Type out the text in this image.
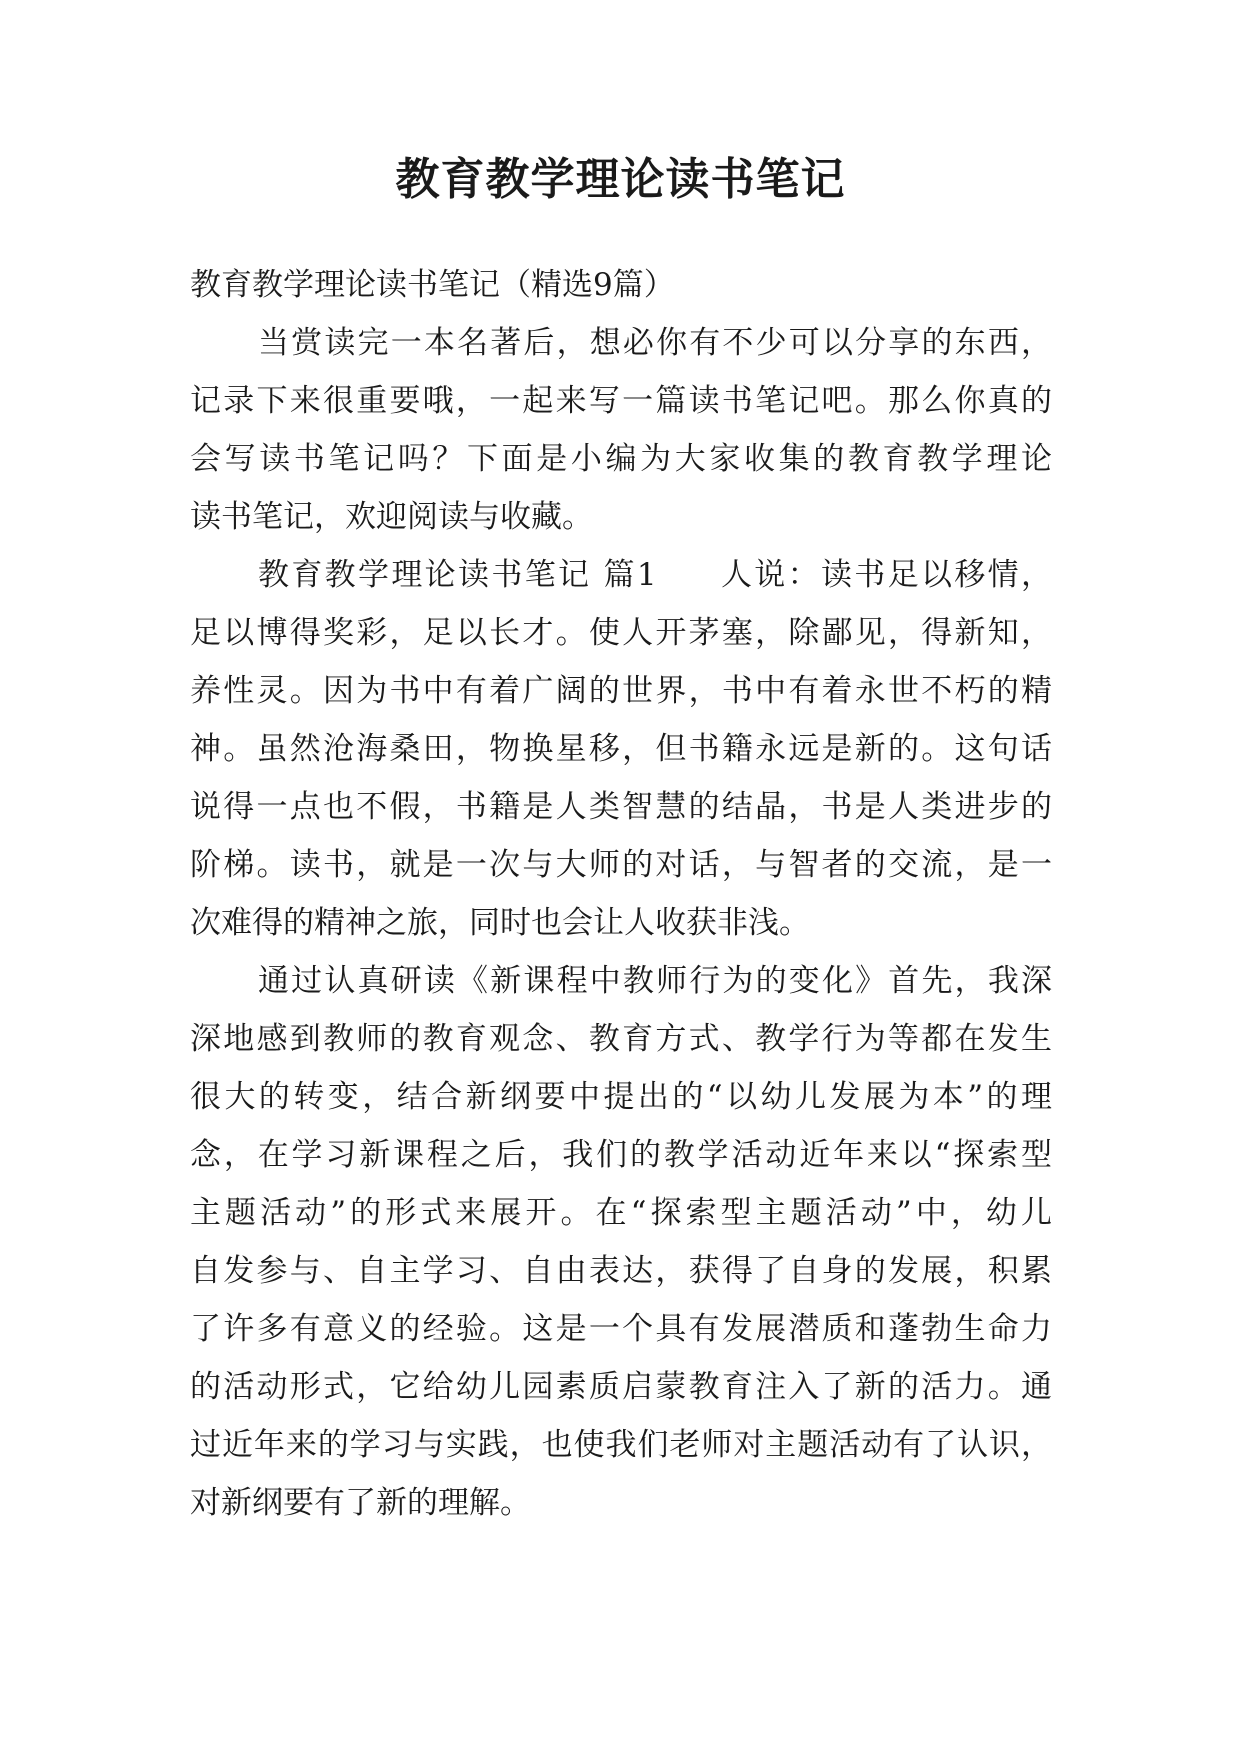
教育教学理论读书笔记
教育教学理论读书笔记（精选9篇）
当赏读完一本名著后，想必你有不少可以分享的东西，
记录下来很重要哦，一起来写一篇读书笔记吧。那么你真的
会写读书笔记吗？下面是小编为大家收集的教育教学理论
读书笔记，欢迎阅读与收藏。
教育教学理论读书笔记 篇1 人说：读书足以移情，
足以博得奖彩，足以长才。使人开茅塞，除鄙见，得新知，
养性灵。因为书中有着广阔的世界，书中有着永世不朽的精
神。虽然沧海桑田，物换星移，但书籍永远是新的。这句话
说得一点也不假，书籍是人类智慧的结晶，书是人类进步的
阶梯。读书，就是一次与大师的对话，与智者的交流，是一
次难得的精神之旅，同时也会让人收获非浅。
通过认真研读《新课程中教师行为的变化》首先，我深
深地感到教师的教育观念、教育方式、教学行为等都在发生
很大的转变，结合新纲要中提出的“以幼儿发展为本”的理
念，在学习新课程之后，我们的教学活动近年来以“探索型
主题活动”的形式来展开。在“探索型主题活动”中，幼儿
自发参与、自主学习、自由表达，获得了自身的发展，积累
了许多有意义的经验。这是一个具有发展潜质和蓬勃生命力
的活动形式，它给幼儿园素质启蒙教育注入了新的活力。通
过近年来的学习与实践，也使我们老师对主题活动有了认识，
对新纲要有了新的理解。
